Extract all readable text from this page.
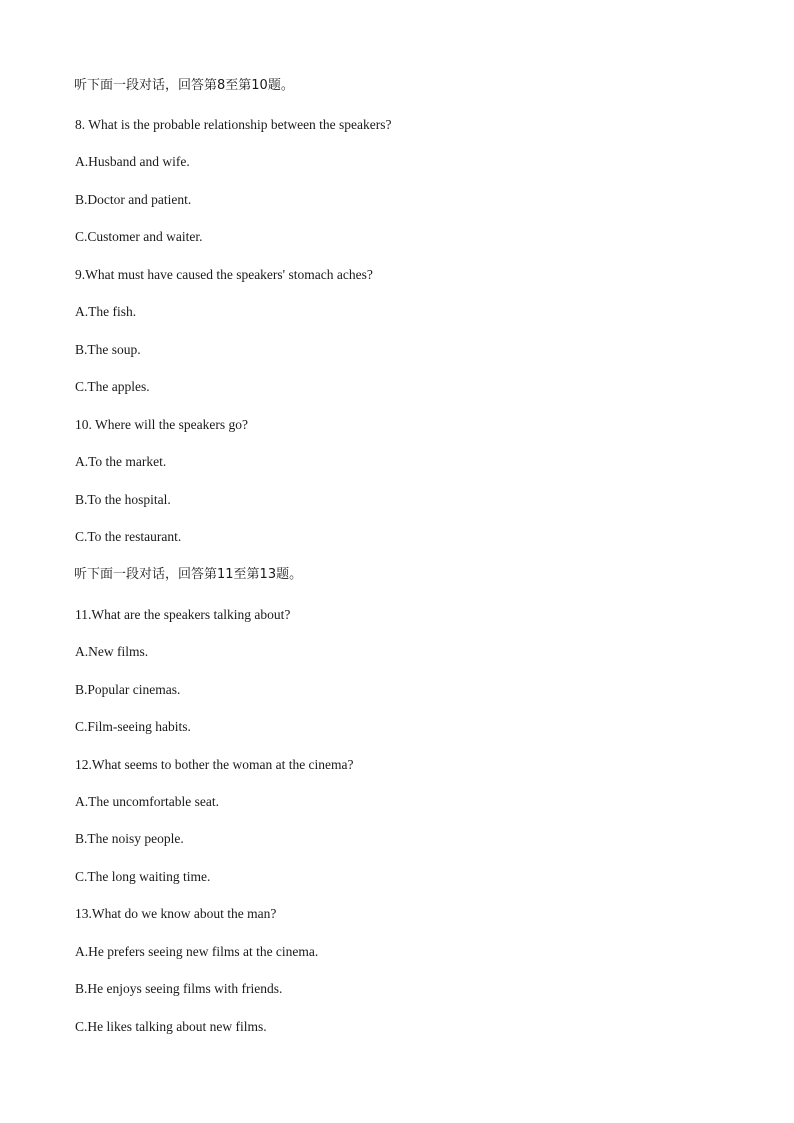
听下面一段对话，回答第8至第10题。
8. What is the probable relationship between the speakers?
A.Husband and wife.
B.Doctor and patient.
C.Customer and waiter.
9.What must have caused the speakers' stomach aches?
A.The fish.
B.The soup.
C.The apples.
10. Where will the speakers go?
A.To the market.
B.To the hospital.
C.To the restaurant.
听下面一段对话，回答第11至第13题。
11.What are the speakers talking about?
A.New films.
B.Popular cinemas.
C.Film-seeing habits.
12.What seems to bother the woman at the cinema?
A.The uncomfortable seat.
B.The noisy people.
C.The long waiting time.
13.What do we know about the man?
A.He prefers seeing new films at the cinema.
B.He enjoys seeing films with friends.
C.He likes talking about new films.
